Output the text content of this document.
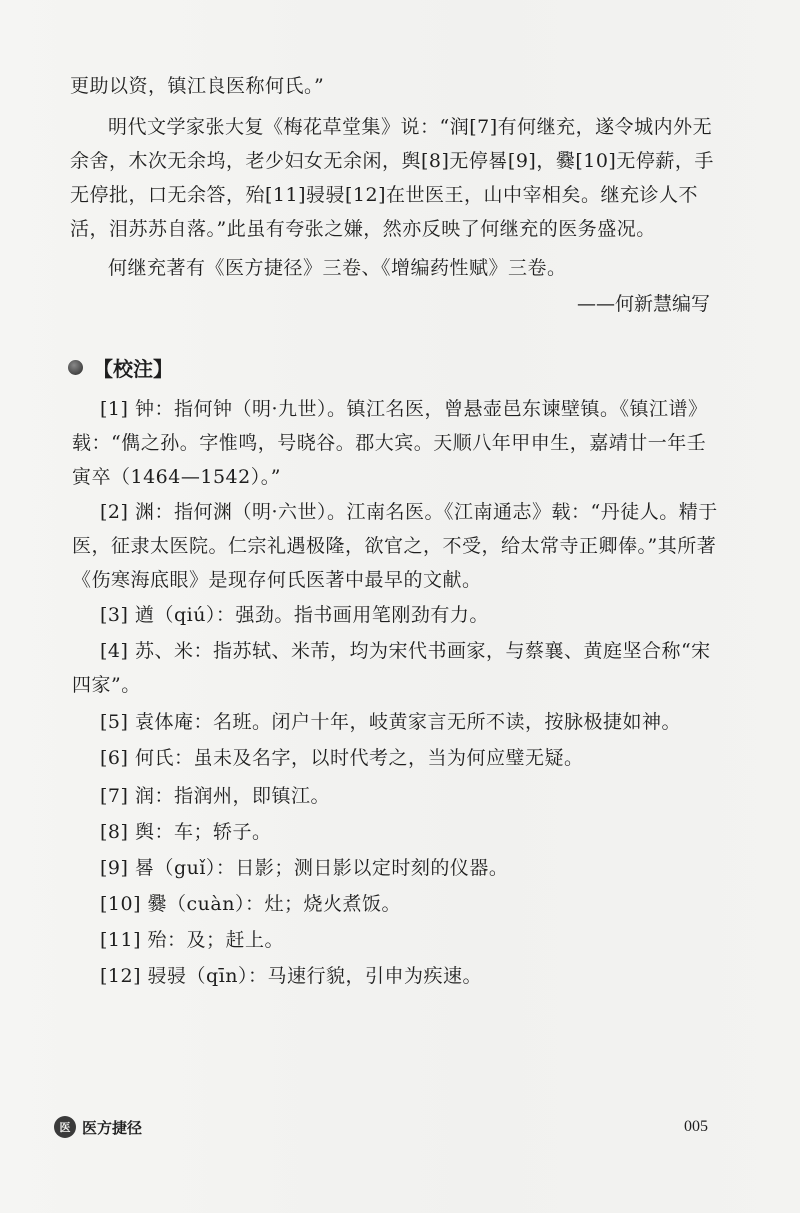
更助以资，镇江良医称何氏。”

明代文学家张大复《梅花草堂集》说：“润[7]有何继充，遂令城内外无余舍，木次无余坞，老少妇女无余闲，舆[8]无停晷[9]，爨[10]无停薪，手无停批，口无余答，殆[11]骎骎[12]在世医王，山中宰相矣。继充诊人不活，泪苏苏自落。”此虽有夸张之嫌，然亦反映了何继充的医务盛况。

何继充著有《医方捷径》三卷、《增编药性赋》三卷。

——何新慧编写
【校注】

[1] 钟：指何钟（明·九世）。镇江名医，曾悬壶邑东谏壁镇。《镇江谱》载：“儁之孙。字惟鸣，号晓谷。郡大宾。天顺八年甲申生，嘉靖廿一年壬寅卒（1464—1542）。”

[2] 渊：指何渊（明·六世）。江南名医。《江南通志》载：“丹徒人。精于医，征隶太医院。仁宗礼遇极隆，欲官之，不受，给太常寺正卿俸。”其所著《伤寒海底眼》是现存何氏医著中最早的文献。

[3] 遒（qiú）：强劲。指书画用笔刚劲有力。

[4] 苏、米：指苏轼、米芾，均为宋代书画家，与蔡襄、黄庭坚合称“宋四家”。

[5] 袁体庵：名班。闭户十年，岐黄家言无所不读，按脉极捷如神。

[6] 何氏：虽未及名字，以时代考之，当为何应璧无疑。

[7] 润：指润州，即镇江。

[8] 舆：车；轿子。

[9] 晷（guǐ）：日影；测日影以定时刻的仪器。

[10] 爨（cuàn）：灶；烧火煮饭。

[11] 殆：及；赶上。

[12] 骎骎（qīn）：马速行貌，引申为疾速。

医 医方捷径	005
